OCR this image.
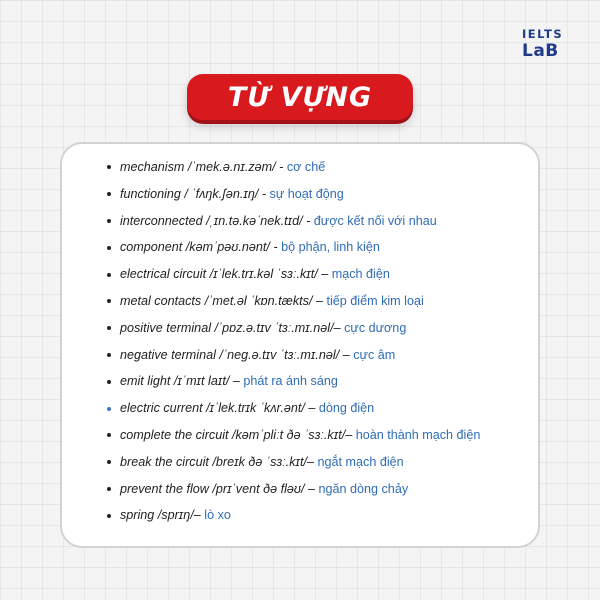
IELTS
LaB
TỪ VỰNG
mechanism /ˈmek.ə.nɪ.zəm/ - cơ chế
functioning / ˈfʌŋk.ʃən.ɪŋ/ - sự hoạt động
interconnected /ˌɪn.tə.kəˈnek.tɪd/ - được kết nối với nhau
component /kəmˈpəʊ.nənt/ - bộ phận, linh kiện
electrical circuit /ɪˈlek.trɪ.kəl ˈsɜː.kɪt/ – mạch điện
metal contacts /ˈmet.əl ˈkɒn.tækts/ – tiếp điểm kim loại
positive terminal /ˈpɒz.ə.tɪv ˈtɜː.mɪ.nəl/– cực dương
negative terminal /ˈneg.ə.tɪv ˈtɜː.mɪ.nəl/ – cực âm
emit light /ɪˈmɪt laɪt/ – phát ra ánh sáng
electric current /ɪˈlek.trɪk ˈkʌr.ənt/ – dòng điện
complete the circuit /kəmˈpliːt ðə ˈsɜː.kɪt/– hoàn thành mạch điện
break the circuit /breɪk ðə ˈsɜː.kɪt/– ngắt mạch điện
prevent the flow /prɪˈvent ðə fləʊ/ – ngăn dòng chảy
spring /sprɪŋ/– lò xo
